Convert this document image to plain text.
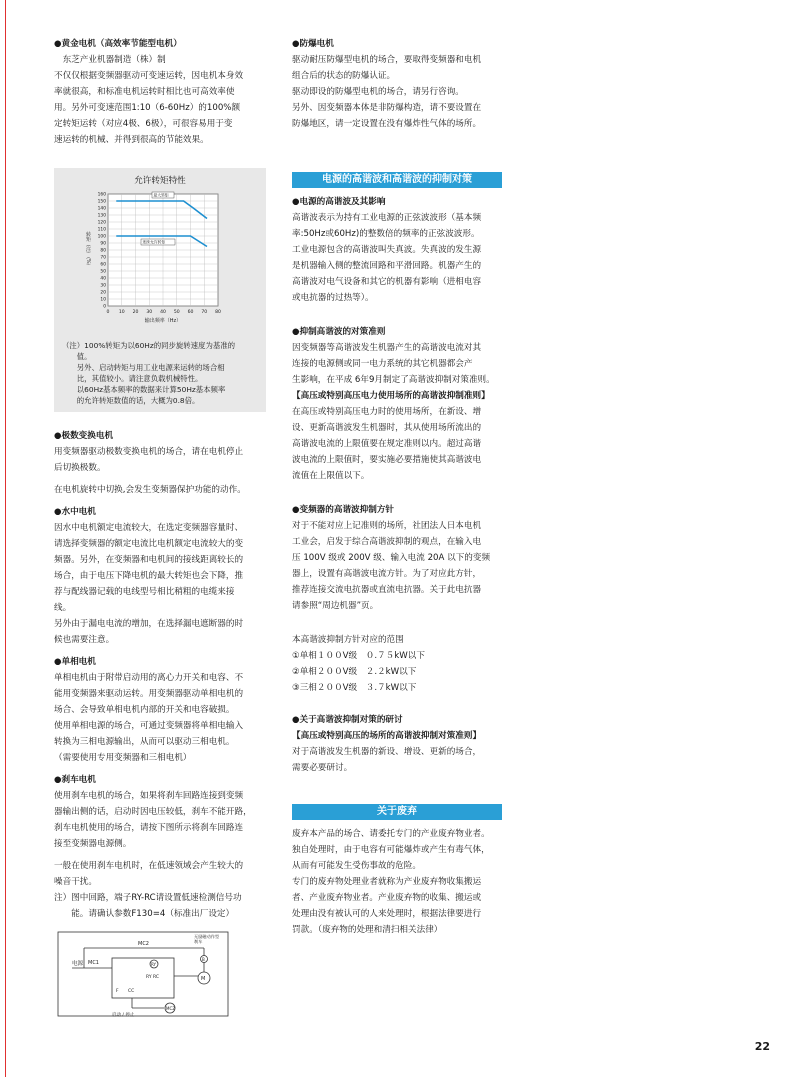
●黄金电机（高效率节能型电机）

　东芝产业机器制造（株）制

不仅仅根据变频器驱动可变速运转，因电机本身效

率就很高，和标准电机运转时相比也可高效率使

用。另外可变速范围1:10（6-60Hz）的100%额

定转矩运转（对应4极、6极），可很容易用于变

速运转的机械、并得到很高的节能效果。

允许转矩特性

0 10 20 30 40 50 60 70 80
0
10
20
30
40
50
60
70
80
90
100
110
120
130
140
150
160	最大转矩
连续允许转矩
输出频率（Hz）
转矩（注）（%）

（注）100%转矩为以60Hz的同步旋转速度为基准的

　　值。

　　另外、启动转矩与用工业电源来运转的场合相

　　比，其值较小。请注意负载机械特性。

　　以60Hz基本频率的数据来计算50Hz基本频率

　　的允许转矩数值的话，大概为0.8倍。

●极数变换电机

用变频器驱动极数变换电机的场合，请在电机停止

后切换极数。

在电机旋转中切换,会发生变频器保护功能的动作。

●水中电机

因水中电机额定电流较大，在选定变频器容量时、

请选择变频器的额定电流比电机额定电流较大的变

频器。另外，在变频器和电机间的接线距离较长的

场合，由于电压下降电机的最大转矩也会下降，推

荐与配线器记载的电线型号相比稍粗的电缆来接

线。

另外由于漏电电流的增加，在选择漏电遮断器的时

候也需要注意。

●单相电机

单相电机由于附带启动用的离心力开关和电容、不

能用变频器来驱动运转。用变频器驱动单相电机的

场合、会导致单相电机内部的开关和电容破损。

使用单相电源的场合，可通过变频器将单相电输入

转换为三相电源输出，从而可以驱动三相电机。

（需要使用专用变频器和三相电机）

●刹车电机

使用刹车电机的场合，如果将刹车回路连接到变频

器输出侧的话，启动时因电压较低，刹车不能开路，

刹车电机使用的场合，请按下图所示将刹车回路连

接至变频器电源侧。

一般在使用刹车电机时，在低速领域会产生较大的

噪音干扰。

注）图中回路，端子RY-RC请设置低速检测信号功

　　能。请确认参数F130=4（标准出厂设定）

电源 MC1
MC2
无励磁动作型
刹车
B
M
RY
RY RC
F CC
MC2
启动 / 停止

●防爆电机

驱动耐压防爆型电机的场合，要取得变频器和电机

组合后的状态的防爆认证。

驱动即设的防爆型电机的场合，请另行咨询。

另外、因变频器本体是非防爆构造，请不要设置在

防爆地区，请一定设置在没有爆炸性气体的场所。

电源的高谐波和高谐波的抑制对策

●电源的高谐波及其影响

高谐波表示为持有工业电源的正弦波波形（基本频

率:50Hz或60Hz)的整数倍的频率的正弦波波形。

工业电源包含的高谐波叫失真波。失真波的发生源

是机器输入侧的整流回路和平滑回路。机器产生的

高谐波对电气设备和其它的机器有影响（进相电容

或电抗器的过热等）。

●抑制高谐波的对策准则

因变频器等高谐波发生机器产生的高谐波电流对其

连接的电源侧或同一电力系统的其它机器都会产

生影响，在平成 6年9月制定了高谐波抑制对策准则。

【高压或特别高压电力使用场所的高谐波抑制准则】

在高压或特别高压电力时的使用场所，在新设、增

设、更新高谐波发生机器时，其从使用场所流出的

高谐波电流的上限值要在规定准则以内。超过高谐

波电流的上限值时，要实施必要措施使其高谐波电

流值在上限值以下。

●变频器的高谐波抑制方针

对于不能对应上记准则的场所，社团法人日本电机

工业会，启发于综合高谐波抑制的观点，在输入电

压 100V 级或 200V 级、输入电流 20A 以下的变频

器上，设置有高谐波电流方针。为了对应此方针，

推荐连接交流电抗器或直流电抗器。关于此电抗器

请参照“周边机器”页。

本高谐波抑制方针对应的范围

①单相１００V级　０.７５kW以下

②单相２００V级　２.２kW以下

③三相２００V级　３.７kW以下

●关于高谐波抑制对策的研讨

【高压或特别高压的场所的高谐波抑制对策准则】

对于高谐波发生机器的新设、增设、更新的场合，

需要必要研讨。

关于废弃

废弃本产品的场合、请委托专门的产业废弃物业者。

独自处理时，由于电容有可能爆炸或产生有毒气体，

从而有可能发生受伤事故的危险。

专门的废弃物处理业者就称为产业废弃物收集搬运

者、产业废弃物业者。产业废弃物的收集、搬运或

处理由没有被认可的人来处理时，根据法律要进行

罚款。（废弃物的处理和清扫相关法律）

22
